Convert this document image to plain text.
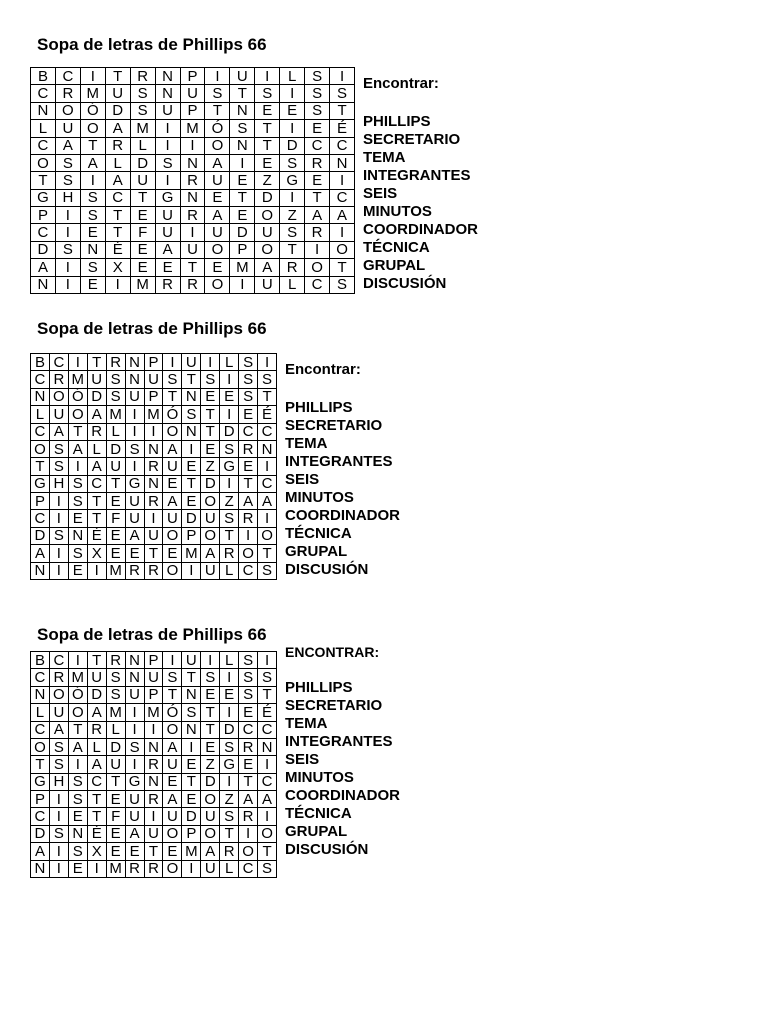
Sopa de letras de Phillips 66
B	C	I	T	R	N	P	I	U	I	L	S	I
C	R	M	U	S	N	U	S	T	S	I	S	S
N	O	Ó	D	S	U	P	T	N	E	E	S	T
L	U	O	A	M	I	M	Ó	S	T	I	E	É
C	A	T	R	L	I	I	O	N	T	D	C	C
O	S	A	L	D	S	N	A	I	E	S	R	N
T	S	I	A	U	I	R	U	E	Z	G	E	I
G	H	S	C	T	G	N	E	T	D	I	T	C
P	I	S	T	E	U	R	A	E	O	Z	A	A
C	I	E	T	F	U	I	U	D	U	S	R	I
D	S	N	É	E	A	U	O	P	O	T	I	O
A	I	S	X	E	E	T	E	M	A	R	O	T
N	I	E	I	M	R	R	O	I	U	L	C	S
Encontrar:
PHILLIPS
SECRETARIO
TEMA
INTEGRANTES
SEIS
MINUTOS
COORDINADOR
TÉCNICA
GRUPAL
DISCUSIÓN
Sopa de letras de Phillips 66
B	C	I	T	R	N	P	I	U	I	L	S	I
C	R	M	U	S	N	U	S	T	S	I	S	S
N	O	Ó	D	S	U	P	T	N	E	E	S	T
L	U	O	A	M	I	M	Ó	S	T	I	E	É
C	A	T	R	L	I	I	O	N	T	D	C	C
O	S	A	L	D	S	N	A	I	E	S	R	N
T	S	I	A	U	I	R	U	E	Z	G	E	I
G	H	S	C	T	G	N	E	T	D	I	T	C
P	I	S	T	E	U	R	A	E	O	Z	A	A
C	I	E	T	F	U	I	U	D	U	S	R	I
D	S	N	É	E	A	U	O	P	O	T	I	O
A	I	S	X	E	E	T	E	M	A	R	O	T
N	I	E	I	M	R	R	O	I	U	L	C	S
Encontrar:
PHILLIPS
SECRETARIO
TEMA
INTEGRANTES
SEIS
MINUTOS
COORDINADOR
TÉCNICA
GRUPAL
DISCUSIÓN
Sopa de letras de Phillips 66
B	C	I	T	R	N	P	I	U	I	L	S	I
C	R	M	U	S	N	U	S	T	S	I	S	S
N	O	Ó	D	S	U	P	T	N	E	E	S	T
L	U	O	A	M	I	M	Ó	S	T	I	E	É
C	A	T	R	L	I	I	O	N	T	D	C	C
O	S	A	L	D	S	N	A	I	E	S	R	N
T	S	I	A	U	I	R	U	E	Z	G	E	I
G	H	S	C	T	G	N	E	T	D	I	T	C
P	I	S	T	E	U	R	A	E	O	Z	A	A
C	I	E	T	F	U	I	U	D	U	S	R	I
D	S	N	É	E	A	U	O	P	O	T	I	O
A	I	S	X	E	E	T	E	M	A	R	O	T
N	I	E	I	M	R	R	O	I	U	L	C	S
ENCONTRAR:
PHILLIPS
SECRETARIO
TEMA
INTEGRANTES
SEIS
MINUTOS
COORDINADOR
TÉCNICA
GRUPAL
DISCUSIÓN
